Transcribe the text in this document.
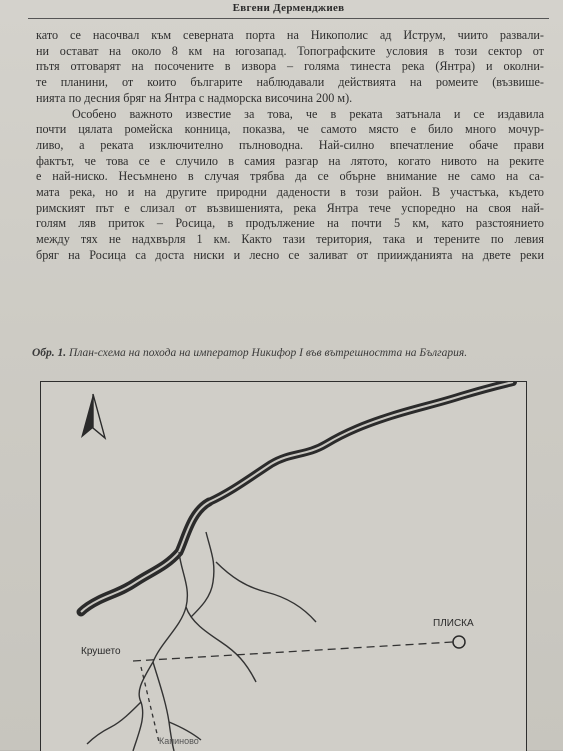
Евгени Дерменджиев

като се насочвал към северната порта на Никополис ад Иструм, чиито развали-
ни остават на около 8 км на югозапад. Топографските условия в този сектор от
пътя отговарят на посочените в извора – голяма тинеста река (Янтра) и околни-
те планини, от които българите наблюдавали действията на ромеите (възвише-
нията по десния бряг на Янтра с надморска височина 200 м).

Особено важното известие за това, че в реката затънала и се издавила
почти цялата ромейска конница, показва, че самото място е било много мочур-
ливо, а реката изключително пълноводна. Най-силно впечатление обаче прави
фактът, че това се е случило в самия разгар на лятото, когато нивото на реките
е най-ниско. Несъмнено в случая трябва да се обърне внимание не само на са-
мата река, но и на другите природни дадености в този район. В участъка, където
римският път е слизал от възвишенията, река Янтра тече успоредно на своя най-
голям ляв приток – Росица, в продължение на почти 5 км, като разстоянието
между тях не надхвърля 1 км. Както тази територия, така и терените по левия
бряг на Росица са доста ниски и лесно се заливат от приижданията на двете реки

Обр. 1. План-схема на похода на император Никифор I във вътрешността на България.
ПЛИСКА
Крушето
Капиново
